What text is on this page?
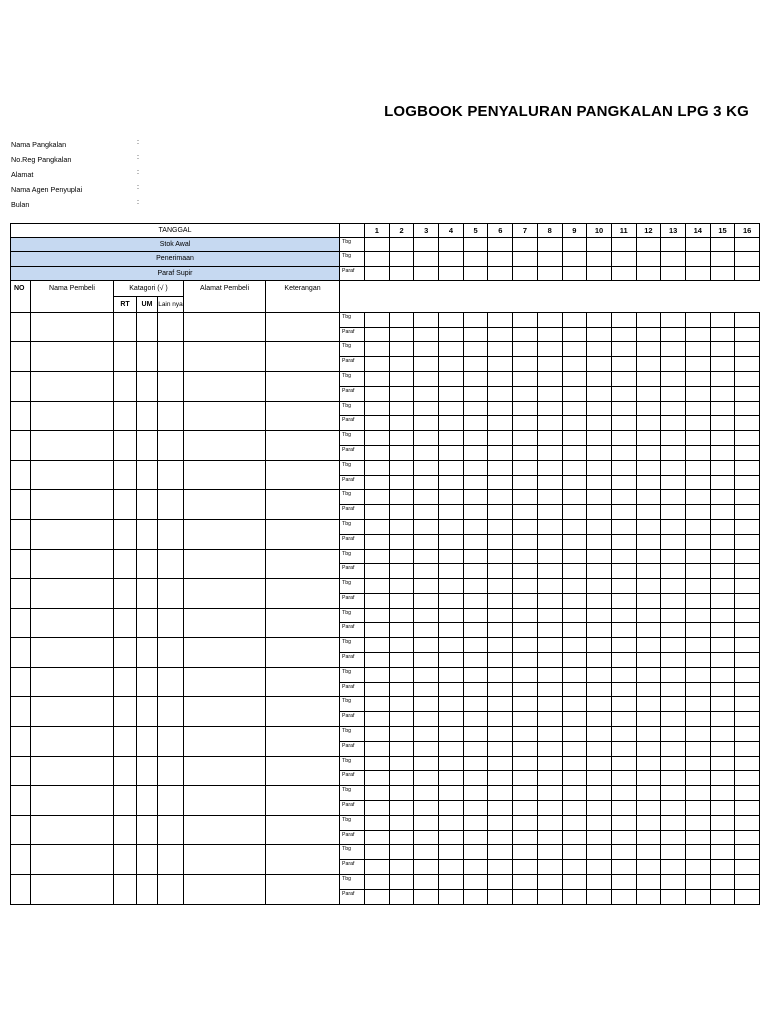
LOGBOOK PENYALURAN PANGKALAN LPG 3 KG
Nama Pangkalan	:
No.Reg Pangkalan	:
Alamat	:
Nama Agen Penyuplai	:
Bulan	:
TANGGAL								1	2	3	4	5	6	7	8	9	10	11	12	13	14	15	16
Stok Awal							Tbg																
Penerimaan							Tbg																
Paraf Supir							Paraf																
NO	Nama Pembeli	Katagori (√ )			Alamat Pembeli	Keterangan																	
		RT	UM	Lain nya																			
							Tbg																
							Paraf																
							Tbg																
							Paraf																
							Tbg																
							Paraf																
							Tbg																
							Paraf																
							Tbg																
							Paraf																
							Tbg																
							Paraf																
							Tbg																
							Paraf																
							Tbg																
							Paraf																
							Tbg																
							Paraf																
							Tbg																
							Paraf																
							Tbg																
							Paraf																
							Tbg																
							Paraf																
							Tbg																
							Paraf																
							Tbg																
							Paraf																
							Tbg																
							Paraf																
							Tbg																
							Paraf																
							Tbg																
							Paraf																
							Tbg																
							Paraf																
							Tbg																
							Paraf																
							Tbg																
							Paraf																
